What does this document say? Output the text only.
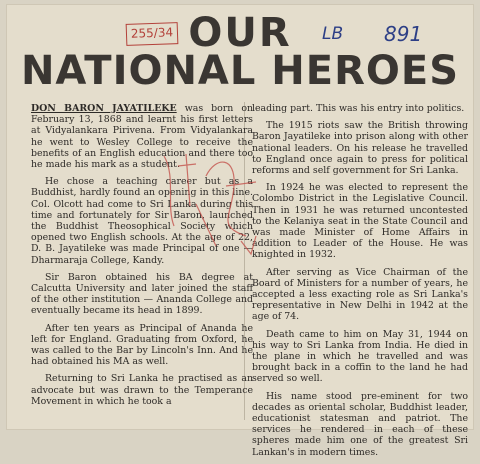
255/34 OUR
NATIONAL HEROES
LB 891

DON BARON JAYATILEKE was born on February 13, 1868 and learnt his first letters at Vidyalankara Pirivena. From Vidyalankara he went to Wesley College to receive the benefits of an English education and there too he made his mark as a student.

He chose a teaching career but as a Buddhist, hardly found an opening in this line. Col. Olcott had come to Sri Lanka during this time and fortunately for Sir Baron, launched the Buddhist Theosophical Society which opened two English schools. At the age of 22, D. B. Jayatileke was made Principal of one — Dharmaraja College, Kandy.

Sir Baron obtained his BA degree at Calcutta University and later joined the staff of the other institution — Ananda College and eventually became its head in 1899.

After ten years as Principal of Ananda he left for England. Graduating from Oxford, he was called to the Bar by Lincoln's Inn. And he had obtained his MA as well.

Returning to Sri Lanka he practised as an advocate but was drawn to the Temperance Movement in which he took a

leading part. This was his entry into politics.

The 1915 riots saw the British throwing Baron Jayatileke into prison along with other national leaders. On his release he travelled to England once again to press for political reforms and self government for Sri Lanka.

In 1924 he was elected to represent the Colombo District in the Legislative Council. Then in 1931 he was returned uncontested to the Kelaniya seat in the State Council and was made Minister of Home Affairs in addition to Leader of the House. He was knighted in 1932.

After serving as Vice Chairman of the Board of Ministers for a number of years, he accepted a less exacting role as Sri Lanka's representative in New Delhi in 1942 at the age of 74.

Death came to him on May 31, 1944 on his way to Sri Lanka from India. He died in the plane in which he travelled and was brought back in a coffin to the land he had served so well.

His name stood pre-eminent for two decades as oriental scholar, Buddhist leader, educationist statesman and patriot. The services he rendered in each of these spheres made him one of the greatest Sri Lankan's in modern times.
